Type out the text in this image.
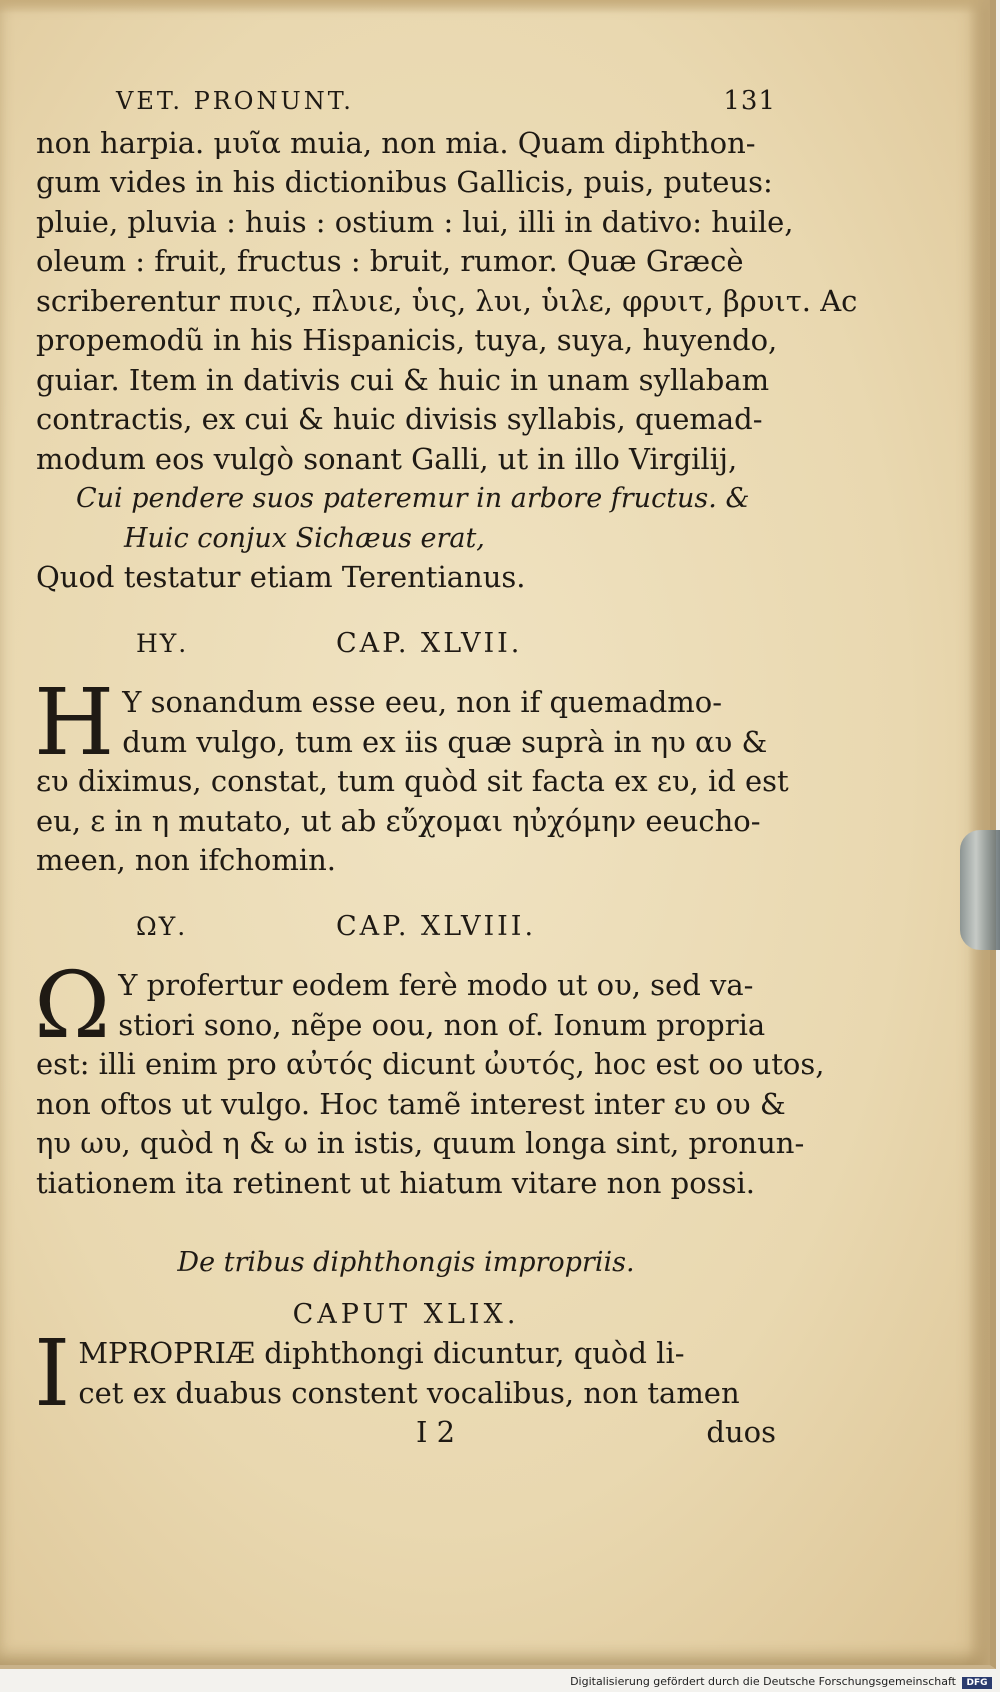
VET. PRONUNT.	131
non harpia. μυῖα muia, non mia. Quam diphthon-
gum vides in his dictionibus Gallicis, puis, puteus:
pluie, pluvia : huis : ostium : lui, illi in dativo: huile,
oleum : fruit, fructus : bruit, rumor. Quæ Græcè
scriberentur πυις, πλυιε, ὑις, λυι, ὑιλε, φρυιτ, βρυιτ. Ac
propemodũ in his Hispanicis, tuya, suya, huyendo,
guiar. Item in dativis cui & huic in unam syllabam
contractis, ex cui & huic divisis syllabis, quemad-
modum eos vulgò sonant Galli, ut in illo Virgilij,
Cui pendere suos pateremur in arbore fructus. &
Huic conjux Sichæus erat,
Quod testatur etiam Terentianus.
ΗΥ.	CAP. XLVII.
H Υ sonandum esse eeu, non if quemadmo-
dum vulgo, tum ex iis quæ suprà in ηυ αυ &
ευ diximus, constat, tum quòd sit facta ex ευ, id est
eu, ε in η mutato, ut ab εὔχομαι ηὐχόμην eeucho-
meen, non ifchomin.
ΩΥ.	CAP. XLVIII.
Ω Υ profertur eodem ferè modo ut ου, sed va-
stiori sono, nẽpe oou, non of. Ionum propria
est: illi enim pro αὐτός dicunt ὠυτός, hoc est oo utos,
non oftos ut vulgo. Hoc tamẽ interest inter ευ ου &
ηυ ωυ, quòd η & ω in istis, quum longa sint, pronun-
tiationem ita retinent ut hiatum vitare non possi.
De tribus diphthongis impropriis.
CAPUT XLIX.
I MPROPRIÆ diphthongi dicuntur, quòd li-
cet ex duabus constent vocalibus, non tamen
I 2	duos
Digitalisierung gefördert durch die Deutsche Forschungsgemeinschaft	DFG
